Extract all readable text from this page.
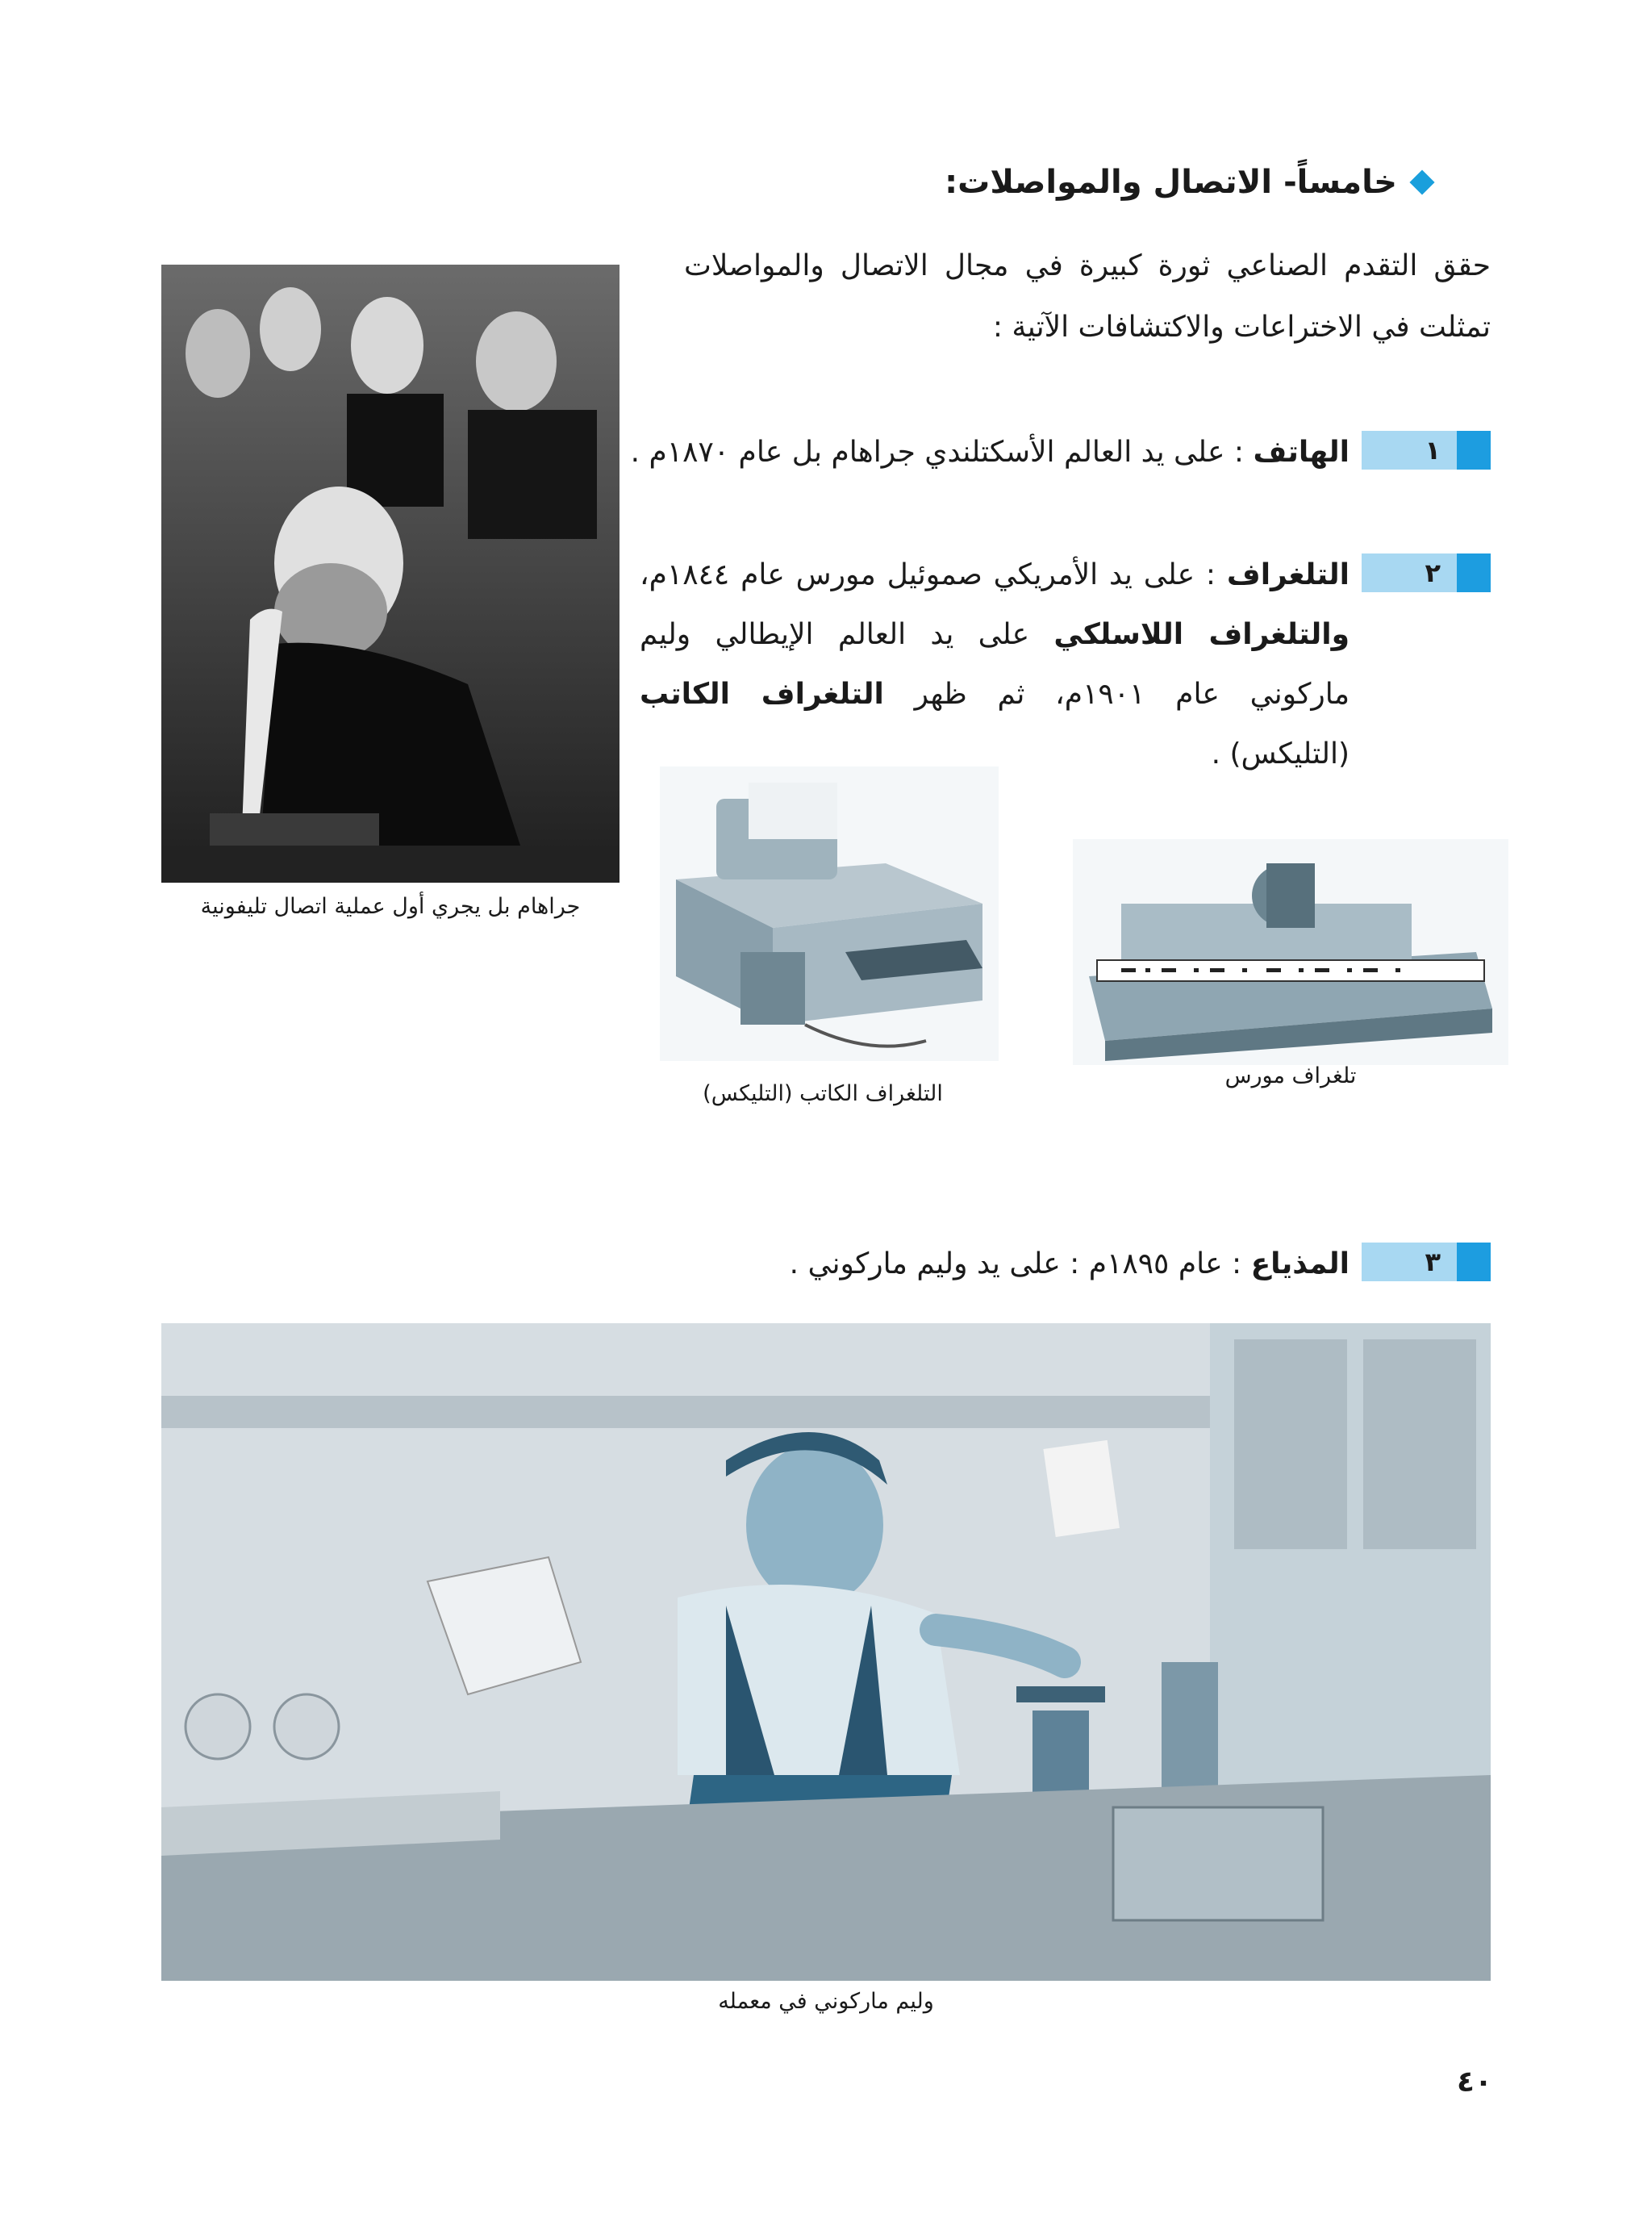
خامساً- الاتصال والمواصلات:
حقق التقدم الصناعي ثورة كبيرة في مجال الاتصال والمواصلات تمثلت في الاختراعات والاكتشافات الآتية :
١
الهاتف : على يد العالم الأسكتلندي جراهام بل عام ١٨٧٠م .
٢
التلغراف : على يد الأمريكي صموئيل مورس عام ١٨٤٤م، والتلغراف اللاسلكي على يد العالم الإيطالي وليم ماركوني عام ١٩٠١م، ثم ظهر التلغراف الكاتب (التليكس) .
جراهام بل يجري أول عملية اتصال تليفونية
التلغراف الكاتب (التليكس)
تلغراف مورس
٣
المذياع : عام ١٨٩٥م : على يد وليم ماركوني .
وليم ماركوني في معمله
٤٠
